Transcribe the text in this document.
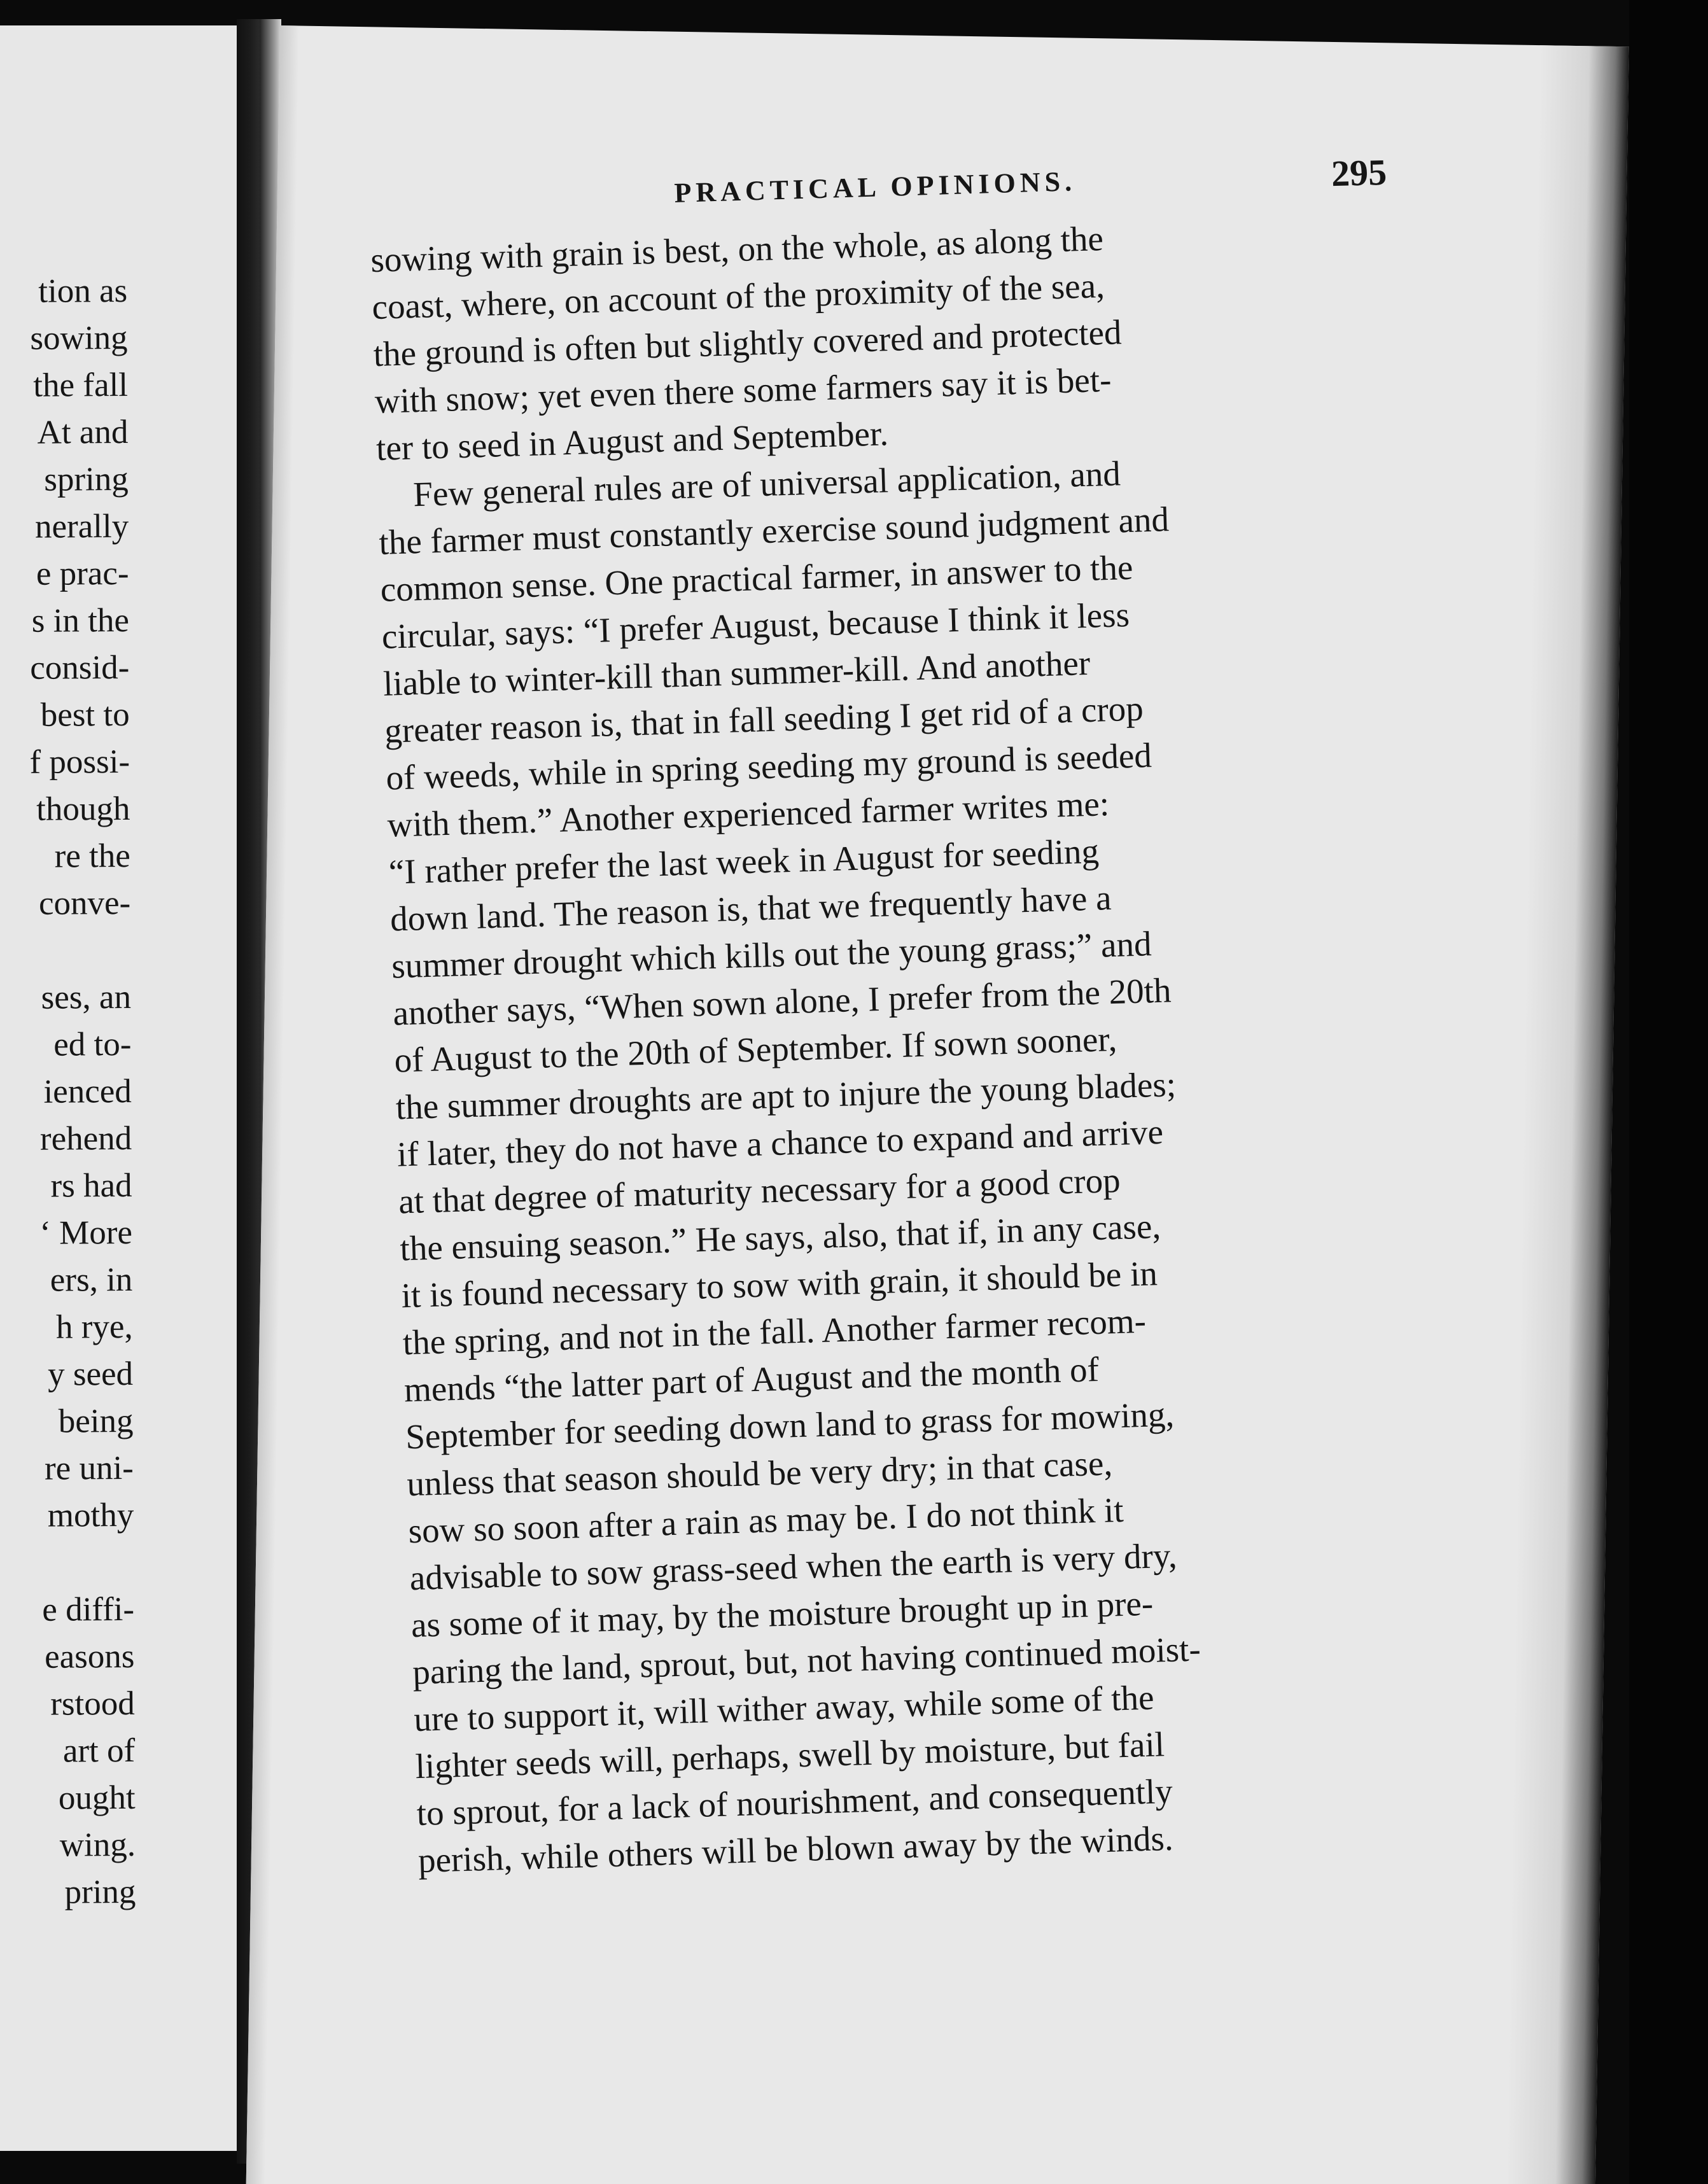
tion as
sowing
the fall
At and
spring
nerally
e prac-
s in the
consid-
best to
f possi-
though
re the
conve-
ses, an
ed to-
ienced
rehend
rs had
‘ More
ers, in
h rye,
y seed
being
re uni-
mothy
e diffi-
easons
rstood
art of
ought
wing.
pring
PRACTICAL OPINIONS.	295
sowing with grain is best, on the whole, as along the
coast, where, on account of the proximity of the sea,
the ground is often but slightly covered and protected
with snow; yet even there some farmers say it is bet-
ter to seed in August and September.
Few general rules are of universal application, and
the farmer must constantly exercise sound judgment and
common sense. One practical farmer, in answer to the
circular, says: “I prefer August, because I think it less
liable to winter-kill than summer-kill. And another
greater reason is, that in fall seeding I get rid of a crop
of weeds, while in spring seeding my ground is seeded
with them.” Another experienced farmer writes me:
“I rather prefer the last week in August for seeding
down land. The reason is, that we frequently have a
summer drought which kills out the young grass;” and
another says, “When sown alone, I prefer from the 20th
of August to the 20th of September. If sown sooner,
the summer droughts are apt to injure the young blades;
if later, they do not have a chance to expand and arrive
at that degree of maturity necessary for a good crop
the ensuing season.” He says, also, that if, in any case,
it is found necessary to sow with grain, it should be in
the spring, and not in the fall. Another farmer recom-
mends “the latter part of August and the month of
September for seeding down land to grass for mowing,
unless that season should be very dry; in that case,
sow so soon after a rain as may be. I do not think it
advisable to sow grass-seed when the earth is very dry,
as some of it may, by the moisture brought up in pre-
paring the land, sprout, but, not having continued moist-
ure to support it, will wither away, while some of the
lighter seeds will, perhaps, swell by moisture, but fail
to sprout, for a lack of nourishment, and consequently
perish, while others will be blown away by the winds.
